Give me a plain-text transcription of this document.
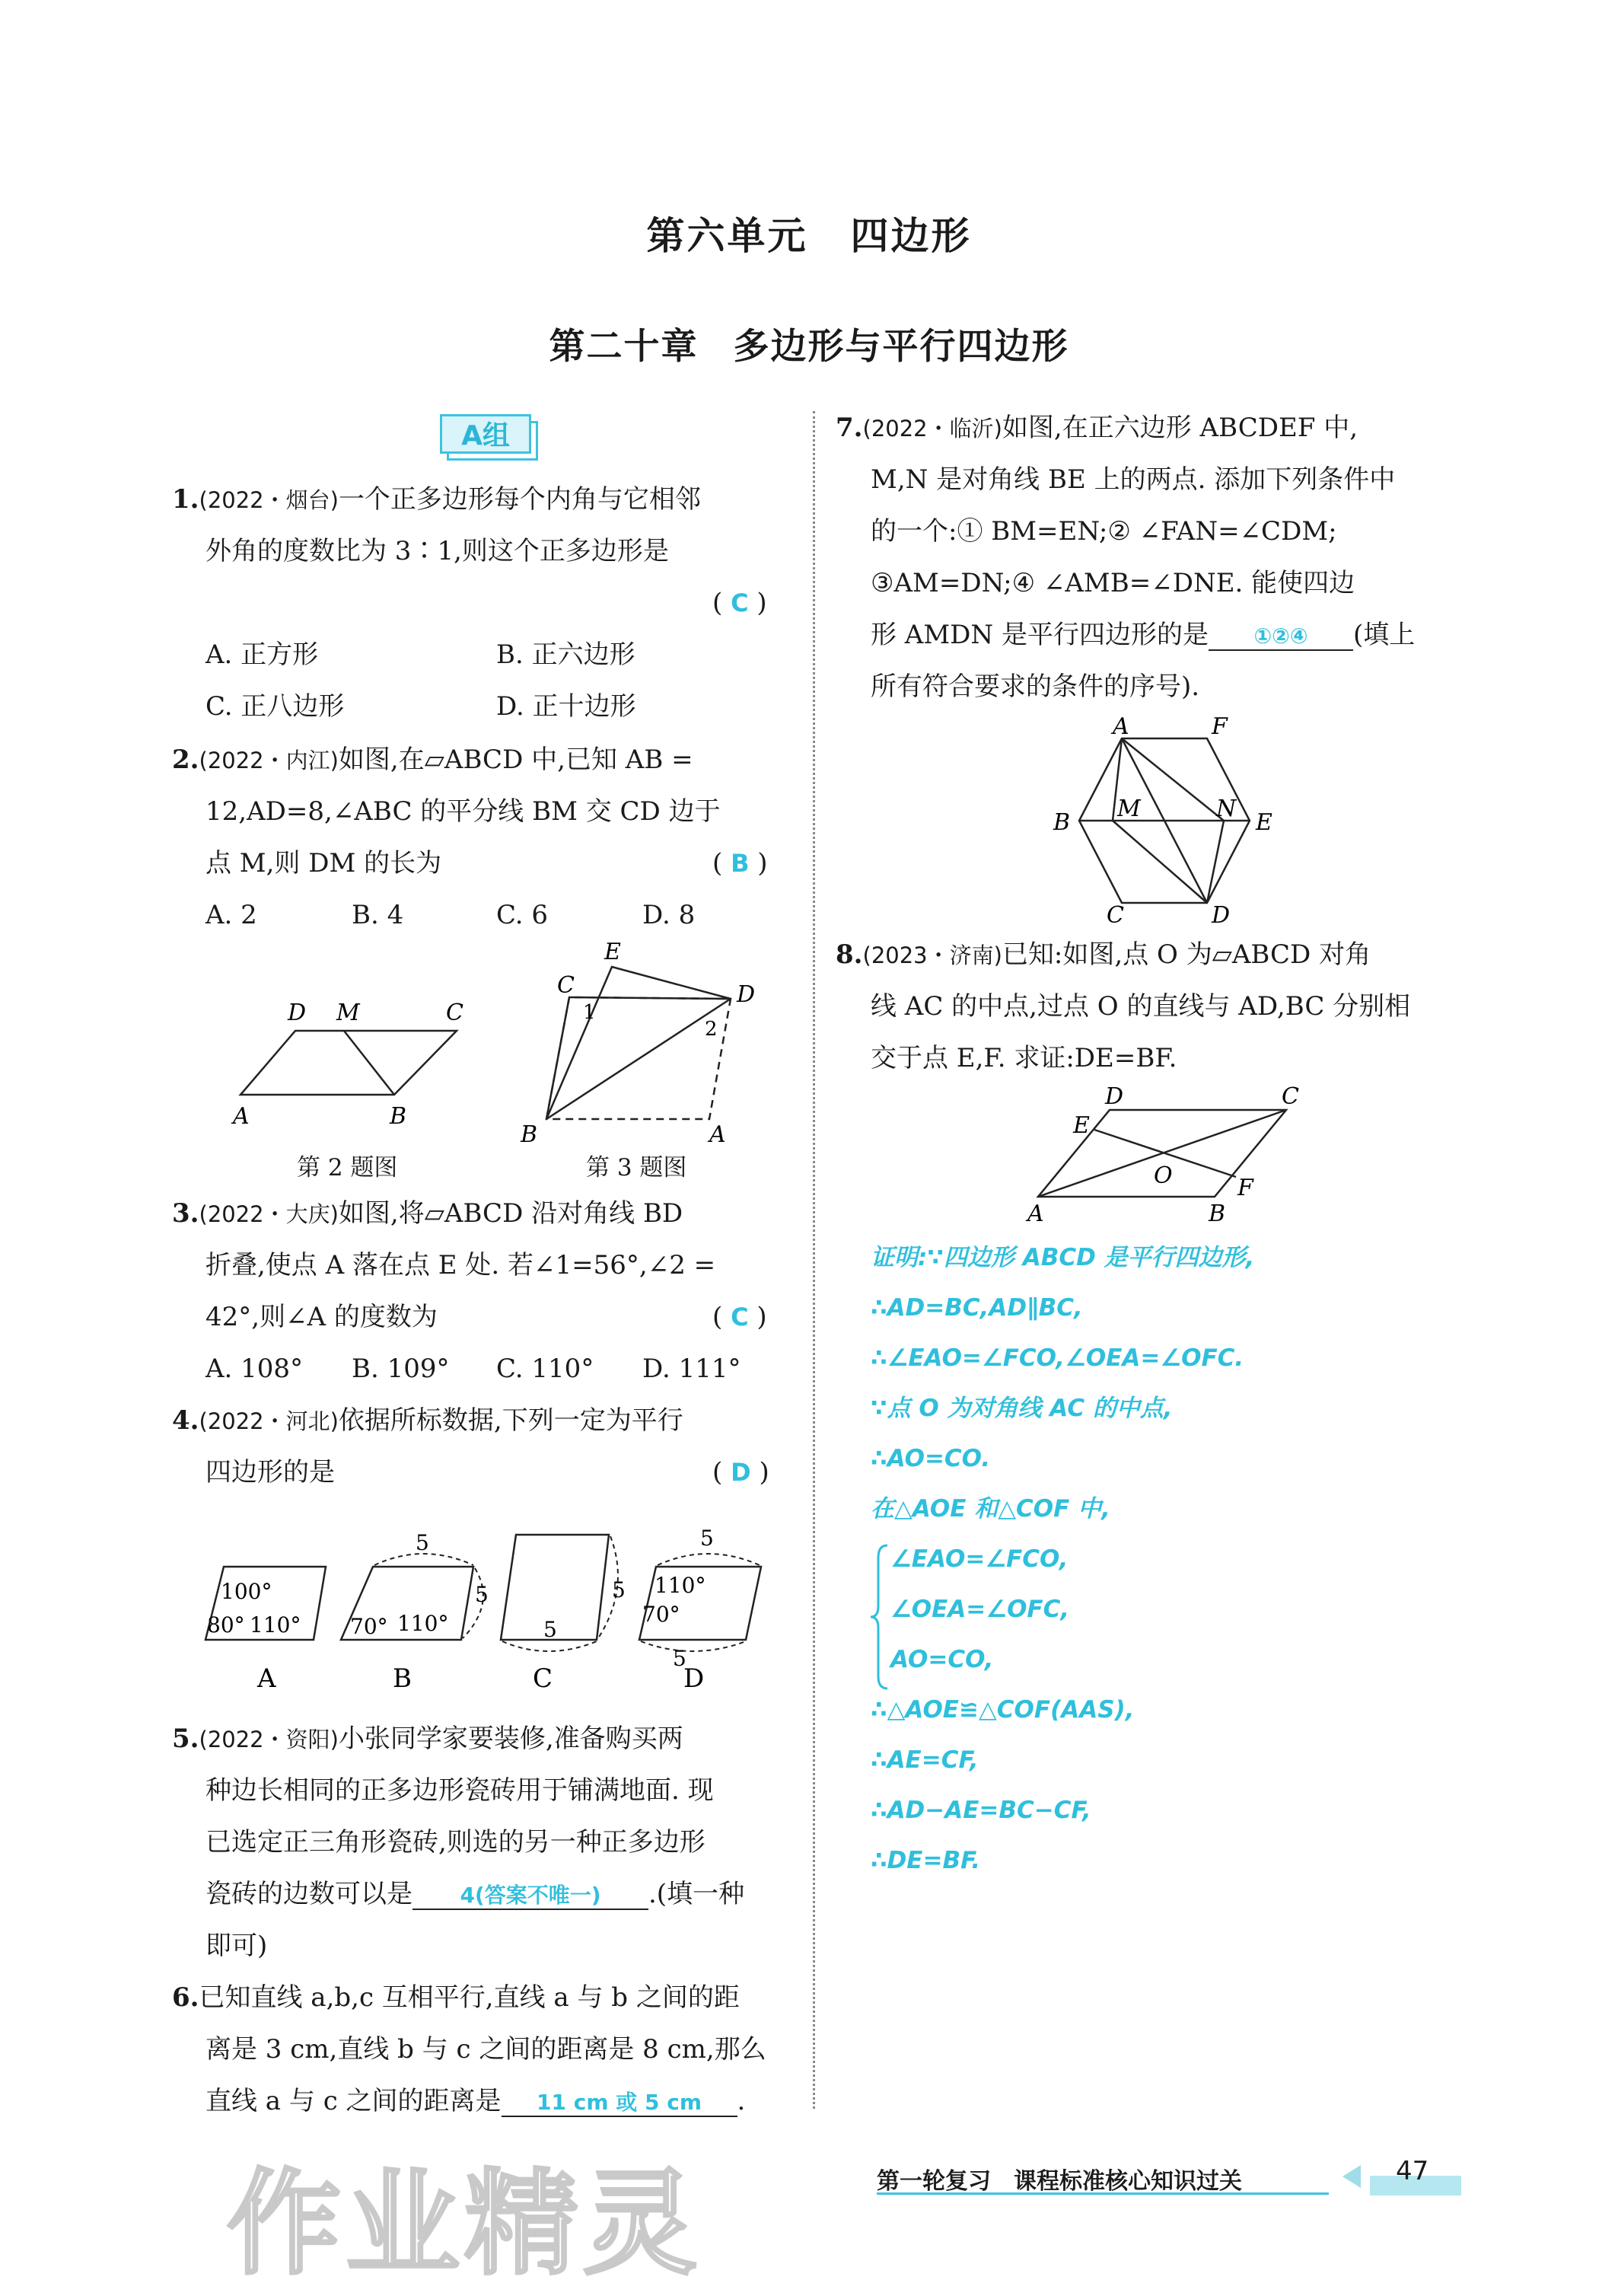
第六单元 四边形
第二十章 多边形与平行四边形
A组
1.(2022・烟台)一个正多边形每个内角与它相邻
外角的度数比为 3∶1,则这个正多边形是
( C )
A. 正方形	B. 正六边形
C. 正八边形	D. 正十边形
2.(2022・内江)如图,在▱ABCD 中,已知 AB =
12,AD=8,∠ABC 的平分线 BM 交 CD 边于
点 M,则 DM 的长为	( B )
A. 2	B. 4	C. 6	D. 8
D M	C
A	B
第 2 题图
E
C	D
B	A
1
2
第 3 题图
3.(2022・大庆)如图,将▱ABCD 沿对角线 BD
折叠,使点 A 落在点 E 处. 若∠1=56°,∠2 =
42°,则∠A 的度数为	( C )
A. 108° B. 109° C. 110° D. 111°
4.(2022・河北)依据所标数据,下列一定为平行
四边形的是	( D )
100°
80° 110°
A
5
5
70° 110°
B
5
5
C
5
110°
70°
5
D
5.(2022・资阳)小张同学家要装修,准备购买两
种边长相同的正多边形瓷砖用于铺满地面. 现
已选定正三角形瓷砖,则选的另一种正多边形
瓷砖的边数可以是 4(答案不唯一) .(填一种
即可)
6.已知直线 a,b,c 互相平行,直线 a 与 b 之间的距
离是 3 cm,直线 b 与 c 之间的距离是 8 cm,那么
直线 a 与 c 之间的距离是 11 cm 或 5 cm .
7.(2022・临沂)如图,在正六边形 ABCDEF 中,
M,N 是对角线 BE 上的两点. 添加下列条件中
的一个:① BM=EN;② ∠FAN=∠CDM;
③AM=DN;④ ∠AMB=∠DNE. 能使四边
形 AMDN 是平行四边形的是 ①②④ (填上
所有符合要求的条件的序号).
A	F
B
M	N
E
C	D
8.(2023・济南)已知:如图,点 O 为▱ABCD 对角
线 AC 的中点,过点 O 的直线与 AD,BC 分别相
交于点 E,F. 求证:DE=BF.
D	C
E
O	F
A	B
证明:∵四边形 ABCD 是平行四边形,
∴AD=BC,AD∥BC,
∴∠EAO=∠FCO,∠OEA=∠OFC.
∵点 O 为对角线 AC 的中点,
∴AO=CO.
在△AOE 和△COF 中,
∠EAO=∠FCO,
∠OEA=∠OFC,
AO=CO,
∴△AOE≌△COF(AAS),
∴AE=CF,
∴AD−AE=BC−CF,
∴DE=BF.
第一轮复习　课程标准核心知识过关	47
作业精灵
